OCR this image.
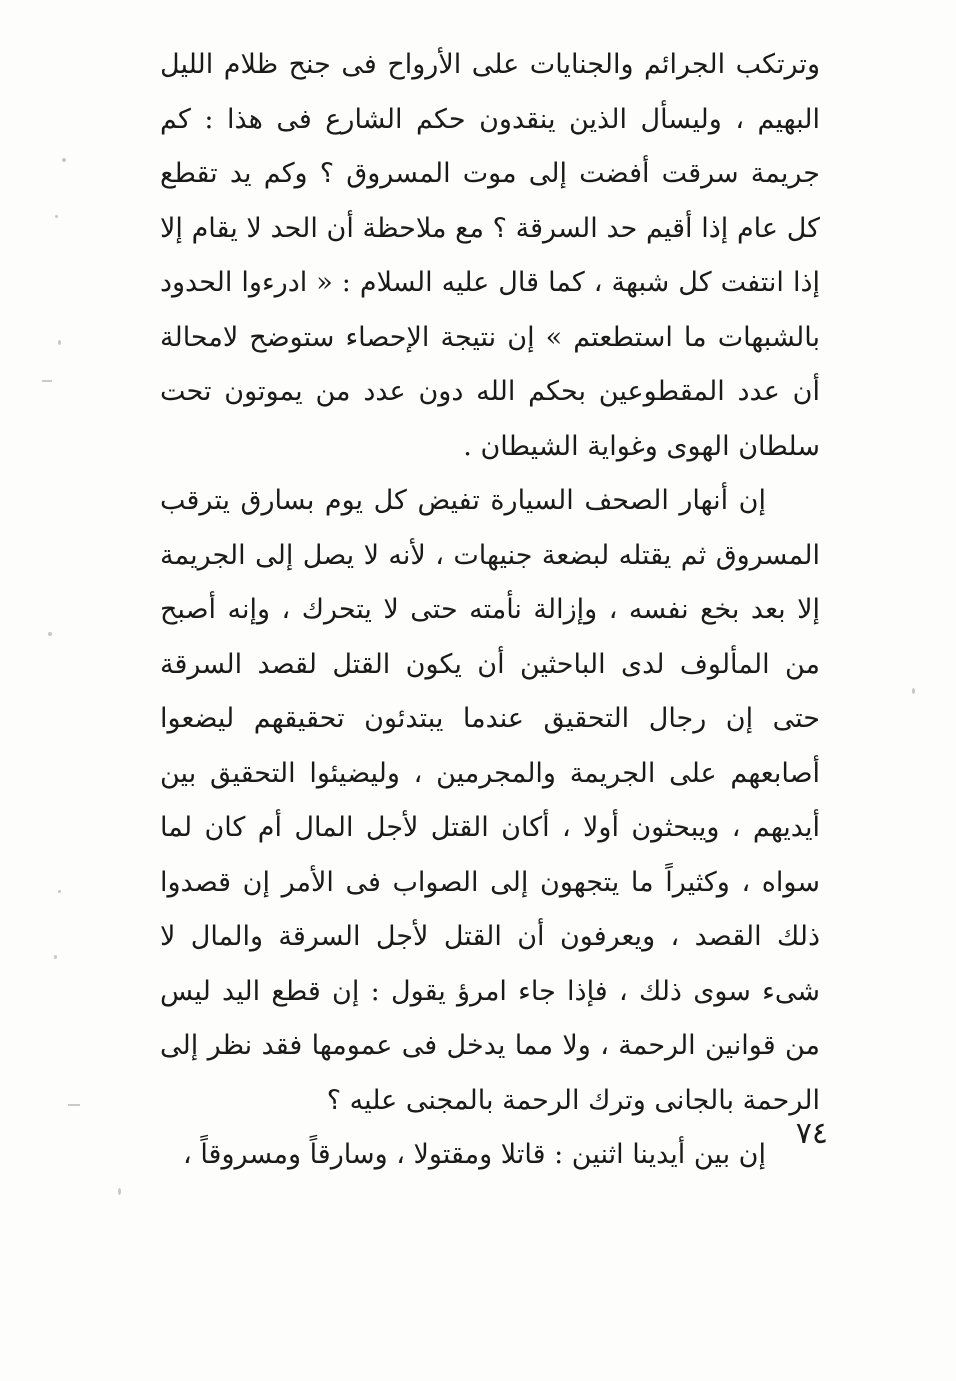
وترتكب الجرائم والجنايات على الأرواح فى جنح ظلام الليل البهيم ، وليسأل الذين ينقدون حكم الشارع فى هذا : كم جريمة سرقت أفضت إلى موت المسروق ؟ وكم يد تقطع كل عام إذا أقيم حد السرقة ؟ مع ملاحظة أن الحد لا يقام إلا إذا انتفت كل شبهة ، كما قال عليه السلام : « ادرءوا الحدود بالشبهات ما استطعتم » إن نتيجة الإحصاء ستوضح لامحالة أن عدد المقطوعين بحكم الله دون عدد من يموتون تحت سلطان الهوى وغواية الشيطان .

إن أنهار الصحف السيارة تفيض كل يوم بسارق يترقب المسروق ثم يقتله لبضعة جنيهات ، لأنه لا يصل إلى الجريمة إلا بعد بخع نفسه ، وإزالة نأمته حتى لا يتحرك ، وإنه أصبح من المألوف لدى الباحثين أن يكون القتل لقصد السرقة حتى إن رجال التحقيق عندما يبتدئون تحقيقهم ليضعوا أصابعهم على الجريمة والمجرمين ، وليضيئوا التحقيق بين أيديهم ، ويبحثون أولا ، أكان القتل لأجل المال أم كان لما سواه ، وكثيراً ما يتجهون إلى الصواب فى الأمر إن قصدوا ذلك القصد ، ويعرفون أن القتل لأجل السرقة والمال لا شىء سوى ذلك ، فإذا جاء امرؤ يقول : إن قطع اليد ليس من قوانين الرحمة ، ولا مما يدخل فى عمومها فقد نظر إلى الرحمة بالجانى وترك الرحمة بالمجنى عليه ؟

إن بين أيدينا اثنين : قاتلا ومقتولا ، وسارقاً ومسروقاً ،

٧٤
